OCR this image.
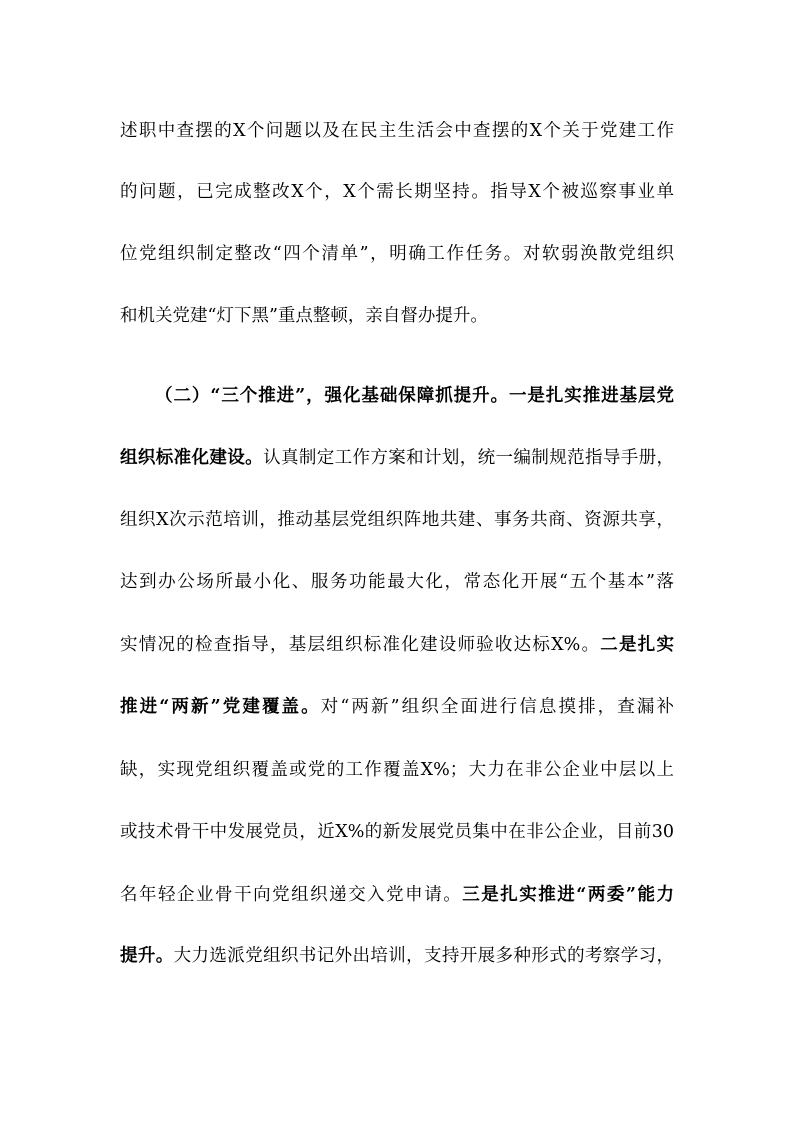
述职中查摆的X个问题以及在民主生活会中查摆的X个关于党建工作
的问题，已完成整改X个，X个需长期坚持。指导X个被巡察事业单
位党组织制定整改“四个清单”，明确工作任务。对软弱涣散党组织
和机关党建“灯下黑”重点整顿，亲自督办提升。
（二）“三个推进”，强化基础保障抓提升。一是扎实推进基层党
组织标准化建设。认真制定工作方案和计划，统一编制规范指导手册，
组织X次示范培训，推动基层党组织阵地共建、事务共商、资源共享，
达到办公场所最小化、服务功能最大化，常态化开展“五个基本”落
实情况的检查指导，基层组织标准化建设师验收达标X%。二是扎实
推进“两新”党建覆盖。对“两新”组织全面进行信息摸排，查漏补
缺，实现党组织覆盖或党的工作覆盖X%；大力在非公企业中层以上
或技术骨干中发展党员，近X%的新发展党员集中在非公企业，目前30
名年轻企业骨干向党组织递交入党申请。三是扎实推进“两委”能力
提升。大力选派党组织书记外出培训，支持开展多种形式的考察学习，
